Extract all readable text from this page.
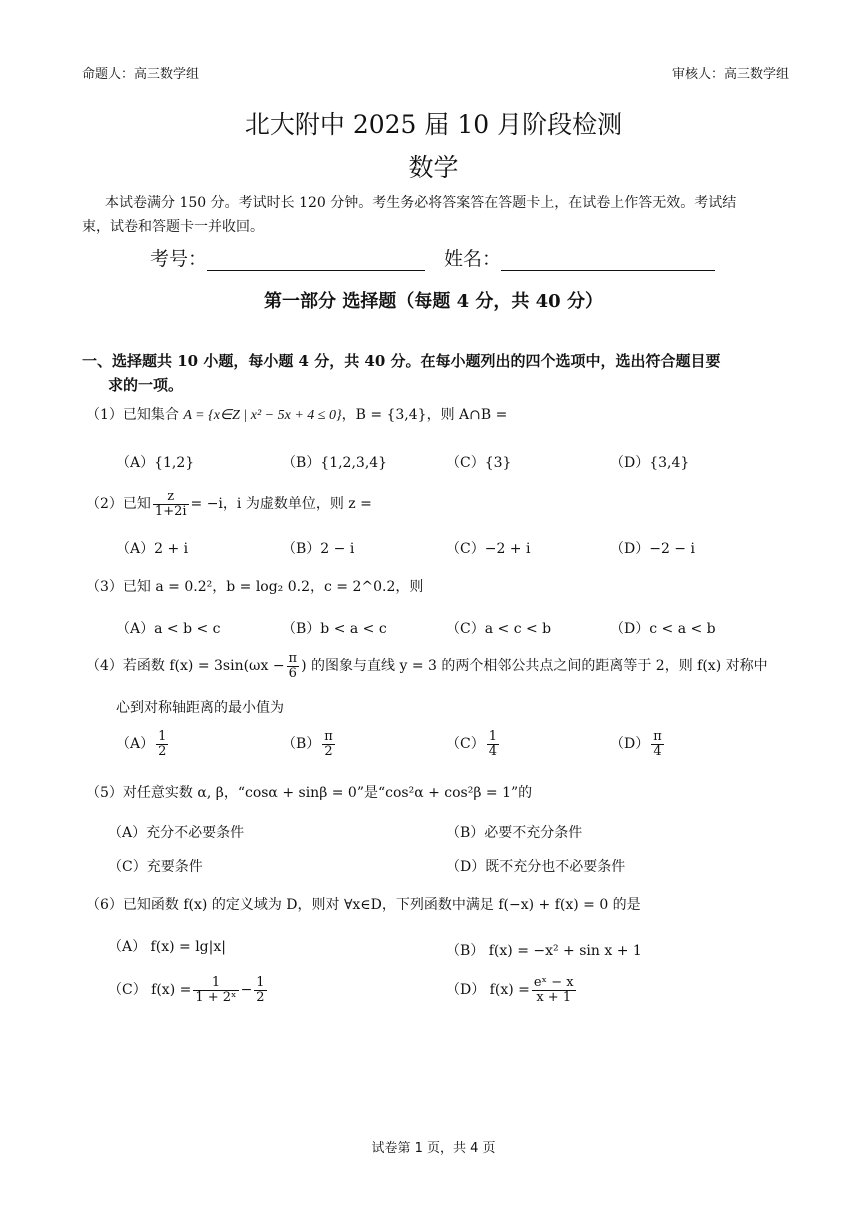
命题人：高三数学组	审核人：高三数学组
北大附中 2025 届 10 月阶段检测
数学
本试卷满分 150 分。考试时长 120 分钟。考生务必将答案答在答题卡上，在试卷上作答无效。考试结
束，试卷和答题卡一并收回。
考号：	姓名：
第一部分 选择题（每题 4 分，共 40 分）
一、选择题共 10 小题，每小题 4 分，共 40 分。在每小题列出的四个选项中，选出符合题目要
求的一项。
（1）已知集合 A = {x∈Z | x² − 5x + 4 ≤ 0}，B = {3,4}，则 A∩B =
（A）{1,2}	（B）{1,2,3,4}	（C）{3}	（D）{3,4}
（2）已知 $\frac{z}{1+2i} = -i$，i 为虚数单位，则 z =
（A）2 + i	（B）2 − i	（C）−2 + i	（D）−2 − i
（3）已知 a = 0.2²，b = log₂ 0.2，c = 2^0.2，则
（A）a < b < c	（B）b < a < c	（C）a < c < b	（D）c < a < b
（4）若函数 $f(x) = 3\sin(\omega x - \frac{\pi}{6}$ ) 的图象与直线 y = 3 的两个相邻公共点之间的距离等于 2，则 f(x) 对称中
心到对称轴距离的最小值为
$(A) \frac{1}{2}$	$(B) \frac{\pi}{2}$	$(C) \frac{1}{4}$	$(D) \frac{\pi}{4}$
（5）对任意实数 α, β，“cosα + sinβ = 0”是“cos²α + cos²β = 1”的
（A）充分不必要条件	（B）必要不充分条件
（C）充要条件	（D）既不充分也不必要条件
（6）已知函数 f(x) 的定义域为 D，则对 ∀x∈D，下列函数中满足 f(−x) + f(x) = 0 的是
（A） f(x) = lg|x|	（B） f(x) = −x² + sin x + 1
（C） $f(x) = \frac{1}{\text{1 + 2ˣ}} - \frac{1}{2}$	（D） $f(x) = \frac{\text{eˣ − x}}{x + 1}$
试卷第 1 页，共 4 页
